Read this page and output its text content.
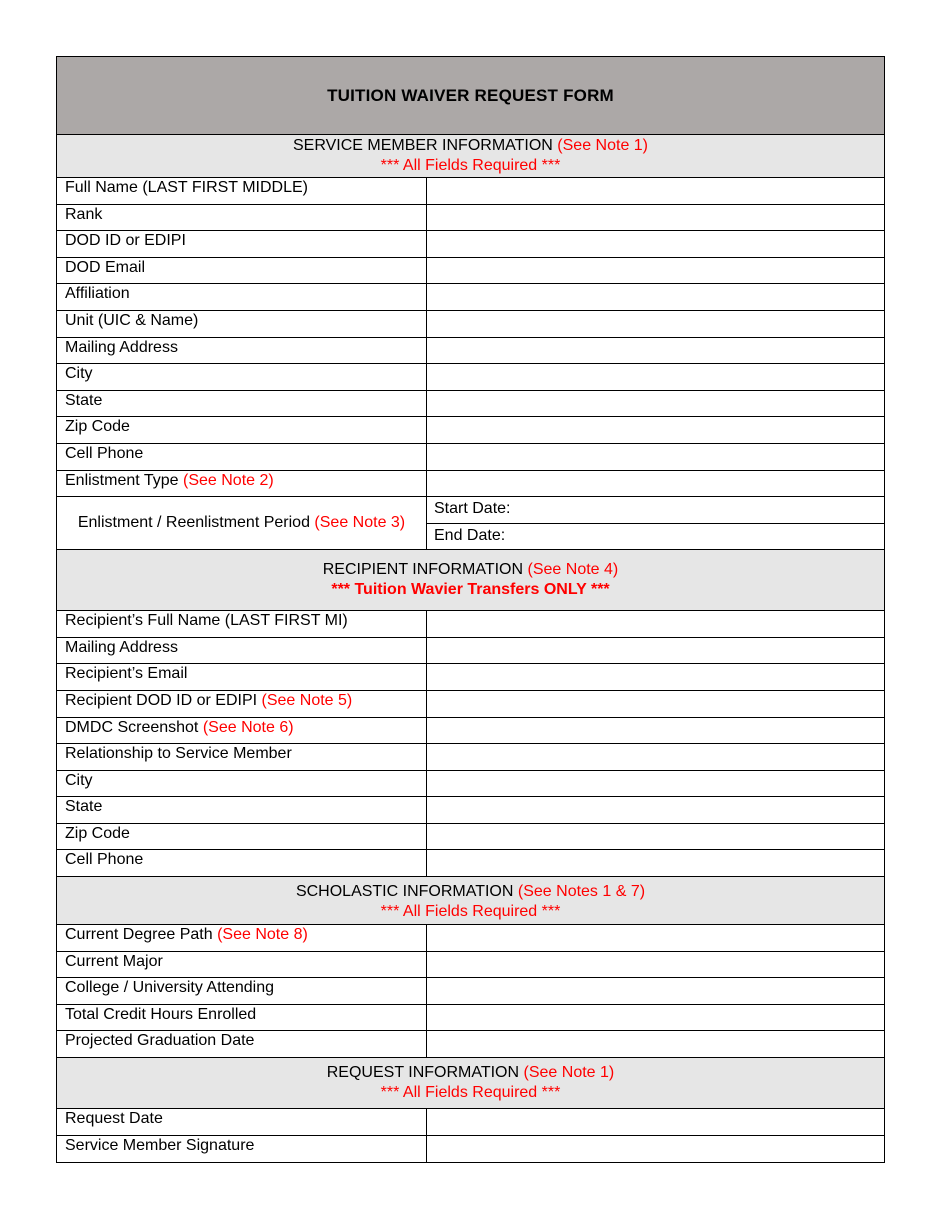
TUITION WAIVER REQUEST FORM
SERVICE MEMBER INFORMATION (See Note 1)
*** All Fields Required ***
Full Name (LAST FIRST MIDDLE)
Rank
DOD ID or EDIPI
DOD Email
Affiliation
Unit (UIC & Name)
Mailing Address
City
State
Zip Code
Cell Phone
Enlistment Type (See Note 2)
Enlistment / Reenlistment Period
(See Note 3)
Start Date:
End Date:
RECIPIENT INFORMATION (See Note 4)
*** Tuition Wavier Transfers ONLY ***
Recipient’s Full Name (LAST FIRST MI)
Mailing Address
Recipient’s Email
Recipient DOD ID or EDIPI (See Note 5)
DMDC Screenshot (See Note 6)
Relationship to Service Member
City
State
Zip Code
Cell Phone
SCHOLASTIC INFORMATION (See Notes 1 & 7)
*** All Fields Required ***
Current Degree Path (See Note 8)
Current Major
College / University Attending
Total Credit Hours Enrolled
Projected Graduation Date
REQUEST INFORMATION (See Note 1)
*** All Fields Required ***
Request Date
Service Member Signature
